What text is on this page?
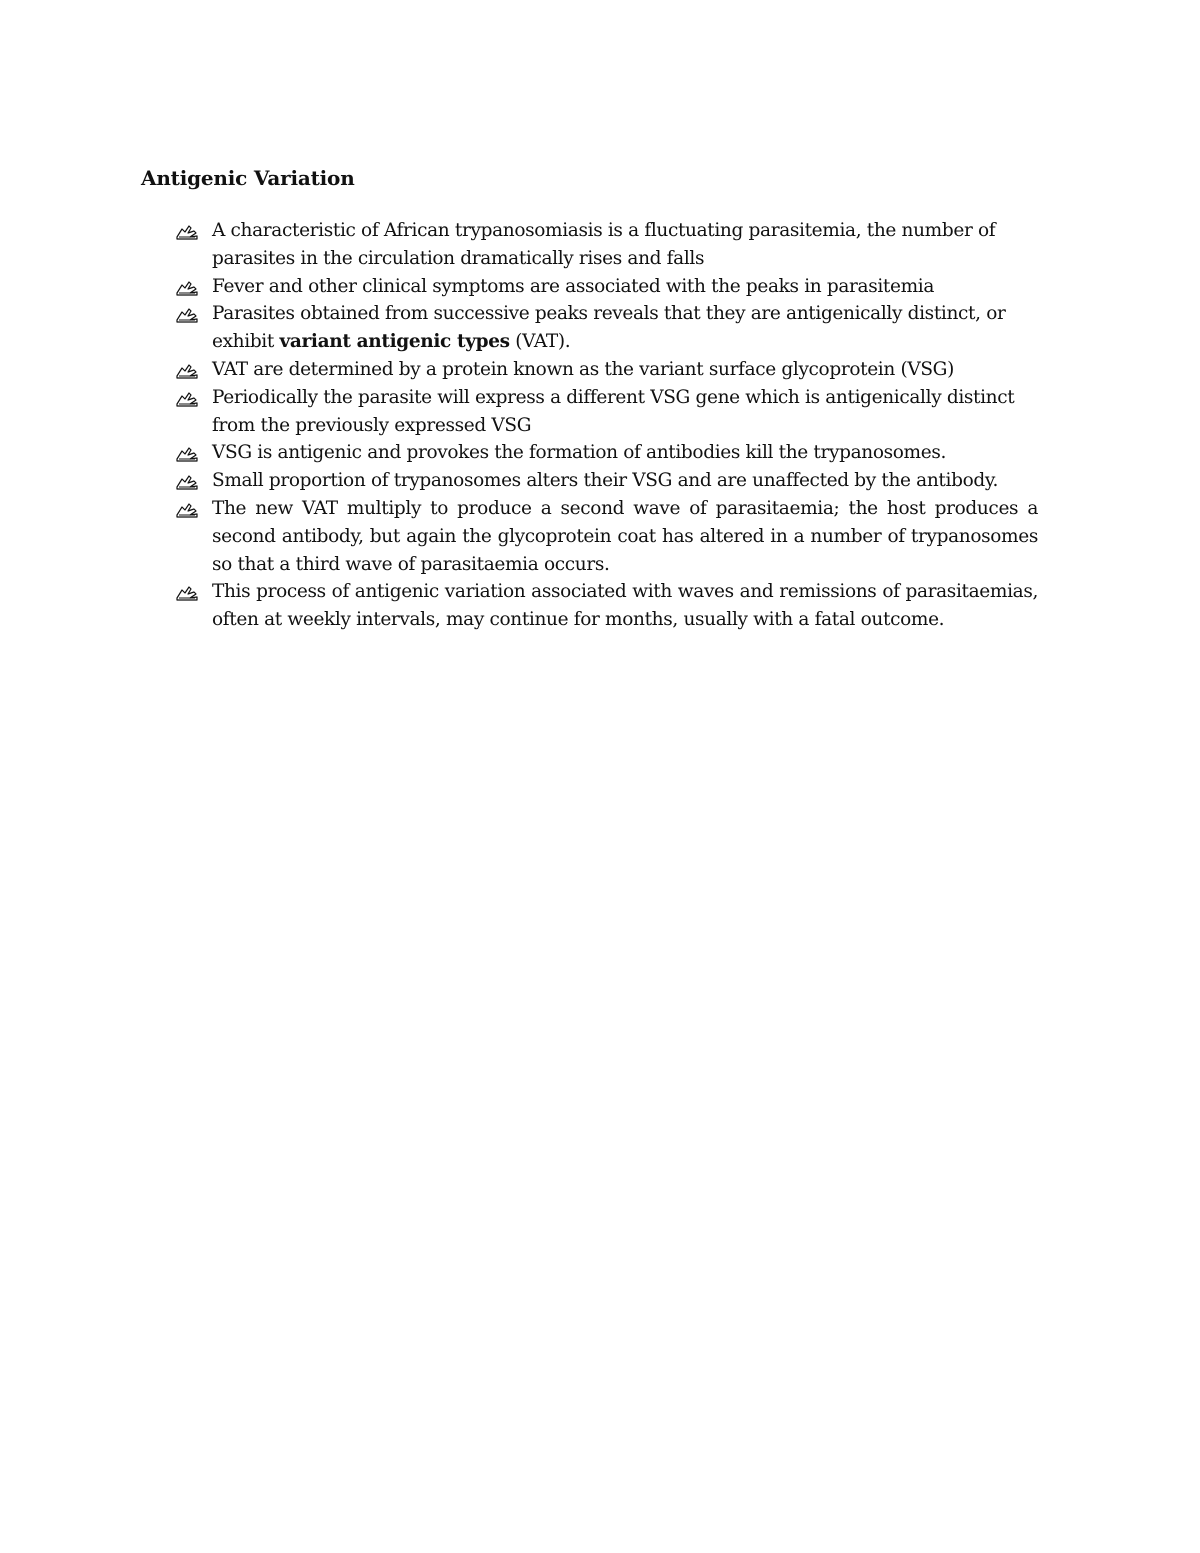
Antigenic Variation
A characteristic of African trypanosomiasis is a fluctuating parasitemia, the number of parasites in the circulation dramatically rises and falls
Fever and other clinical symptoms are associated with the peaks in parasitemia
Parasites obtained from successive peaks reveals that they are antigenically distinct, or exhibit variant antigenic types (VAT).
VAT are determined by a protein known as the variant surface glycoprotein (VSG)
Periodically the parasite will express a different VSG gene which is antigenically distinct from the previously expressed VSG
VSG is antigenic and provokes the formation of antibodies kill the trypanosomes.
Small proportion of trypanosomes alters their VSG and are unaffected by the antibody.
The new VAT multiply to produce a second wave of parasitaemia; the host produces a second antibody, but again the glycoprotein coat has altered in a number of trypanosomes so that a third wave of parasitaemia occurs.
This process of antigenic variation associated with waves and remissions of parasitaemias, often at weekly intervals, may continue for months, usually with a fatal outcome.
